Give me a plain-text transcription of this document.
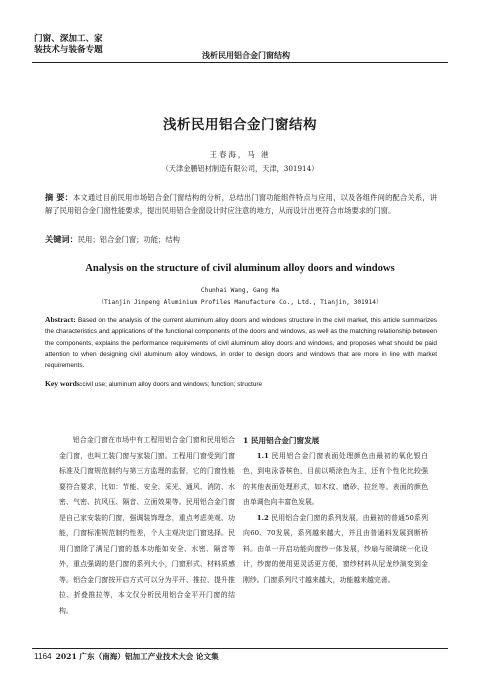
门窗、深加工、家
装技术与装备专题	浅析民用铝合金门窗结构
浅析民用铝合金门窗结构
王春海，马 港
（天津金鹏铝材制造有限公司，天津，301914）
摘 要：本文通过目前民用市场铝合金门窗结构的分析，总结出门窗功能组件特点与应用，以及各组件间的配合关系，讲解了民用铝合金门窗性能要求，提出民用铝合金窗设计时应注意的地方，从而设计出更符合市场要求的门窗。
关键词：民用；铝合金门窗；功能；结构
Analysis on the structure of civil aluminum alloy doors and windows
Chunhai Wang, Gang Ma
（Tianjin Jinpeng Aluminium Profiles Manufacture Co., Ltd., Tianjin, 301914）
Abstract: Based on the analysis of the current aluminum alloy doors and windows structure in the civil market, this article summarizes the characteristics and applications of the functional components of the doors and windows, as well as the matching relationship between the components, explains the performance requirements of civil aluminum alloy doors and windows, and proposes what should be paid attention to when designing civil aluminum alloy windows, in order to design doors and windows that are more in line with market requirements.
Key words:civil use; aluminum alloy doors and windows; function; structure

铝合金门窗在市场中有工程用铝合金门窗和民用铝合金门窗，也叫工装门窗与家装门窗。工程用门窗受到门窗标准及门窗规范制约与第三方监理的监督，它的门窗性能要符合要求，比如：节能、安全、采光、通风、消防、水密、气密、抗风压、隔音、立面效果等。民用铝合金门窗是自己家安装的门窗，强调装饰理念，重点考虑美观、功能，门窗标准规范制约性差，个人主观决定门窗选择。民用门窗除了满足门窗的基本功能如安全、水密、隔音等外，重点强调的是门窗的系列大小，门窗形式、材料质感等。铝合金门窗按开启方式可以分为平开、推拉、提升推拉、折叠推拉等，本文仅分析民用铝合金平开门窗的结构。

1 民用铝合金门窗发展

1.1 民用铝合金门窗表面处理颜色由最初的氧化银白色，到电泳香槟色，目前以喷涂色为主，还有个性化比较强的其他表面处理形式，如木纹、磨砂、拉丝等。表面的颜色由单调色向丰富色发展。

1.2 民用铝合金门窗的系列发展，由最初的普通50系列向60、70发展，系列越来越大，并且由普通料发展到断桥料。由单一开启功能向窗纱一体发展，纱扇与玻璃统一化设计，纱窗的使用更灵活更方便，窗纱材料从尼龙纱演变到金刚纱。门窗系列尺寸越来越大，功能越来越完善。

1164 2021 广东（南海）铝加工产业技术大会 论文集
